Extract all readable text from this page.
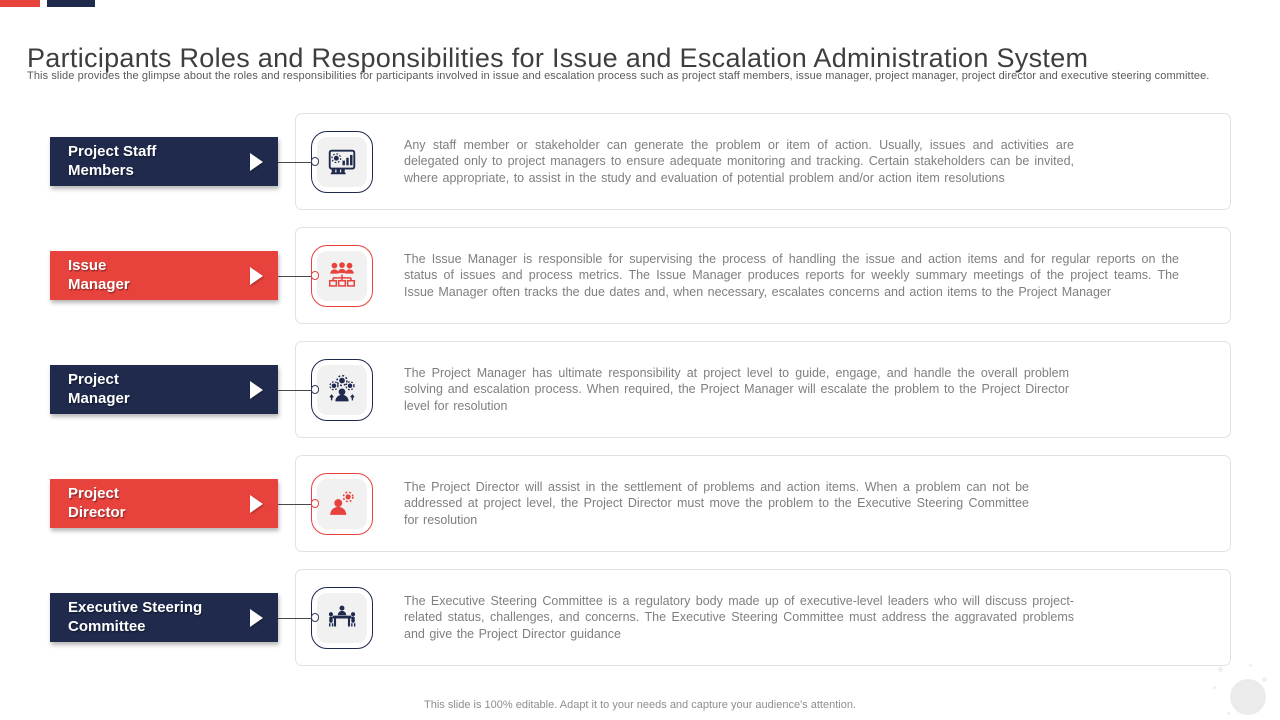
Participants Roles and Responsibilities for Issue and Escalation Administration System
This slide provides the glimpse about the roles and responsibilities for participants involved in issue and escalation process such as project staff members, issue manager, project manager, project director and executive steering committee.
Project Staff
Members

Any staff member or stakeholder can generate the problem or item of action. Usually, issues and activities are delegated only to project managers to ensure adequate monitoring and tracking. Certain stakeholders can be invited, where appropriate, to assist in the study and evaluation of potential problem and/or action item resolutions

Issue
Manager

The Issue Manager is responsible for supervising the process of handling the issue and action items and for regular reports on the status of issues and process metrics. The Issue Manager produces reports for weekly summary meetings of the project teams. The Issue Manager often tracks the due dates and, when necessary, escalates concerns and action items to the Project Manager

Project
Manager

The Project Manager has ultimate responsibility at project level to guide, engage, and handle the overall problem solving and escalation process. When required, the Project Manager will escalate the problem to the Project Director level for resolution

Project
Director

The Project Director will assist in the settlement of problems and action items. When a problem can not be addressed at project level, the Project Director must move the problem to the Executive Steering Committee for resolution

Executive Steering
Committee

The Executive Steering Committee is a regulatory body made up of executive-level leaders who will discuss project-related status, challenges, and concerns. The Executive Steering Committee must address the aggravated problems and give the Project Director guidance

This slide is 100% editable. Adapt it to your needs and capture your audience's attention.
